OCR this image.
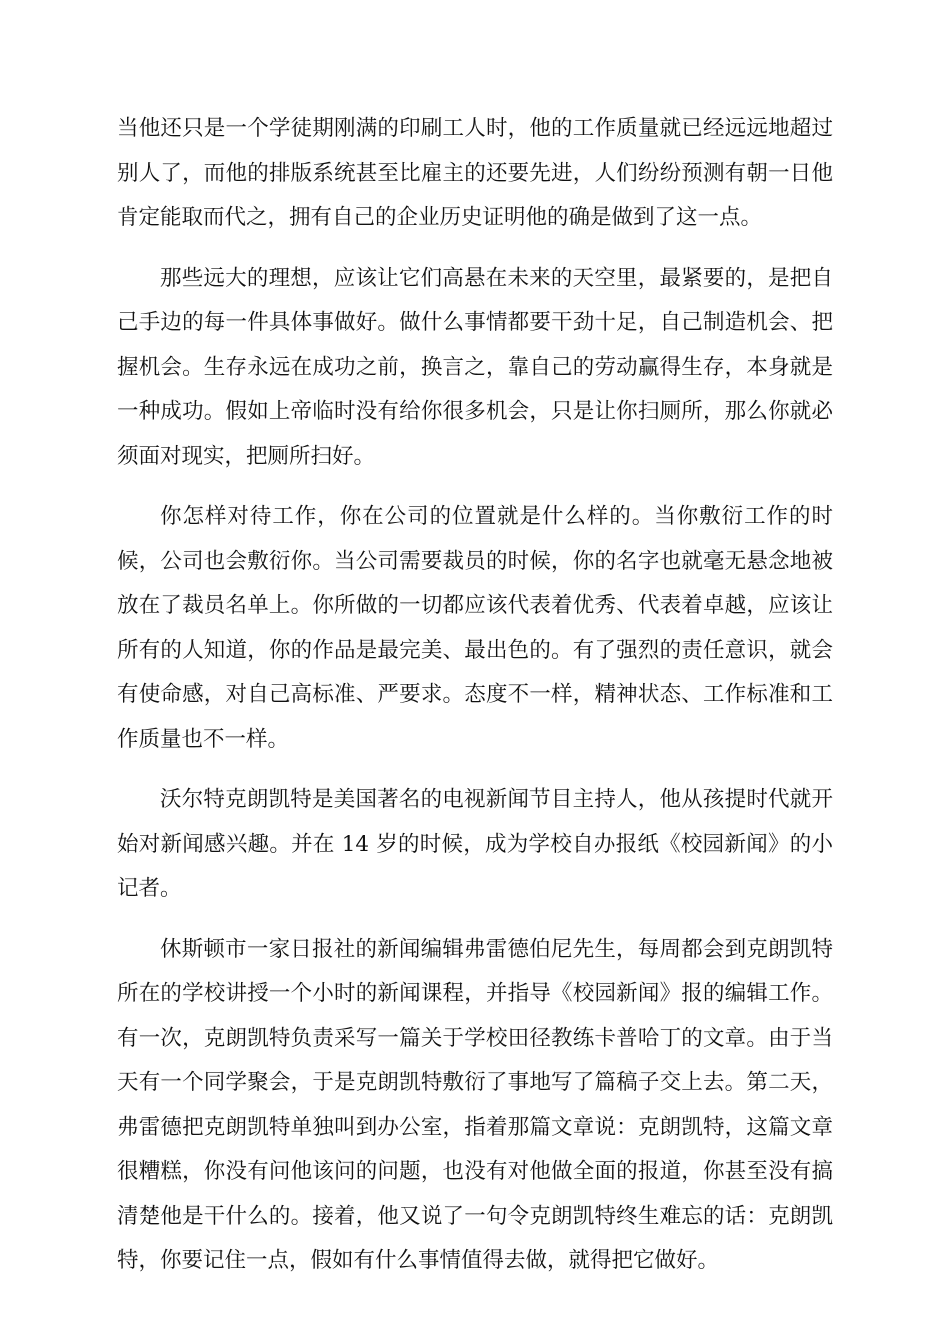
当他还只是一个学徒期刚满的印刷工人时，他的工作质量就已经远远地超过别人了，而他的排版系统甚至比雇主的还要先进，人们纷纷预测有朝一日他肯定能取而代之，拥有自己的企业历史证明他的确是做到了这一点。

那些远大的理想，应该让它们高悬在未来的天空里，最紧要的，是把自己手边的每一件具体事做好。做什么事情都要干劲十足，自己制造机会、把握机会。生存永远在成功之前，换言之，靠自己的劳动赢得生存，本身就是一种成功。假如上帝临时没有给你很多机会，只是让你扫厕所，那么你就必须面对现实，把厕所扫好。

你怎样对待工作，你在公司的位置就是什么样的。当你敷衍工作的时候，公司也会敷衍你。当公司需要裁员的时候，你的名字也就毫无悬念地被放在了裁员名单上。你所做的一切都应该代表着优秀、代表着卓越，应该让所有的人知道，你的作品是最完美、最出色的。有了强烈的责任意识，就会有使命感，对自己高标准、严要求。态度不一样，精神状态、工作标准和工作质量也不一样。

沃尔特克朗凯特是美国著名的电视新闻节目主持人，他从孩提时代就开始对新闻感兴趣。并在 14 岁的时候，成为学校自办报纸《校园新闻》的小记者。

休斯顿市一家日报社的新闻编辑弗雷德伯尼先生，每周都会到克朗凯特所在的学校讲授一个小时的新闻课程，并指导《校园新闻》报的编辑工作。有一次，克朗凯特负责采写一篇关于学校田径教练卡普哈丁的文章。由于当天有一个同学聚会，于是克朗凯特敷衍了事地写了篇稿子交上去。第二天，弗雷德把克朗凯特单独叫到办公室，指着那篇文章说：克朗凯特，这篇文章很糟糕，你没有问他该问的问题，也没有对他做全面的报道，你甚至没有搞清楚他是干什么的。接着，他又说了一句令克朗凯特终生难忘的话：克朗凯特，你要记住一点，假如有什么事情值得去做，就得把它做好。
